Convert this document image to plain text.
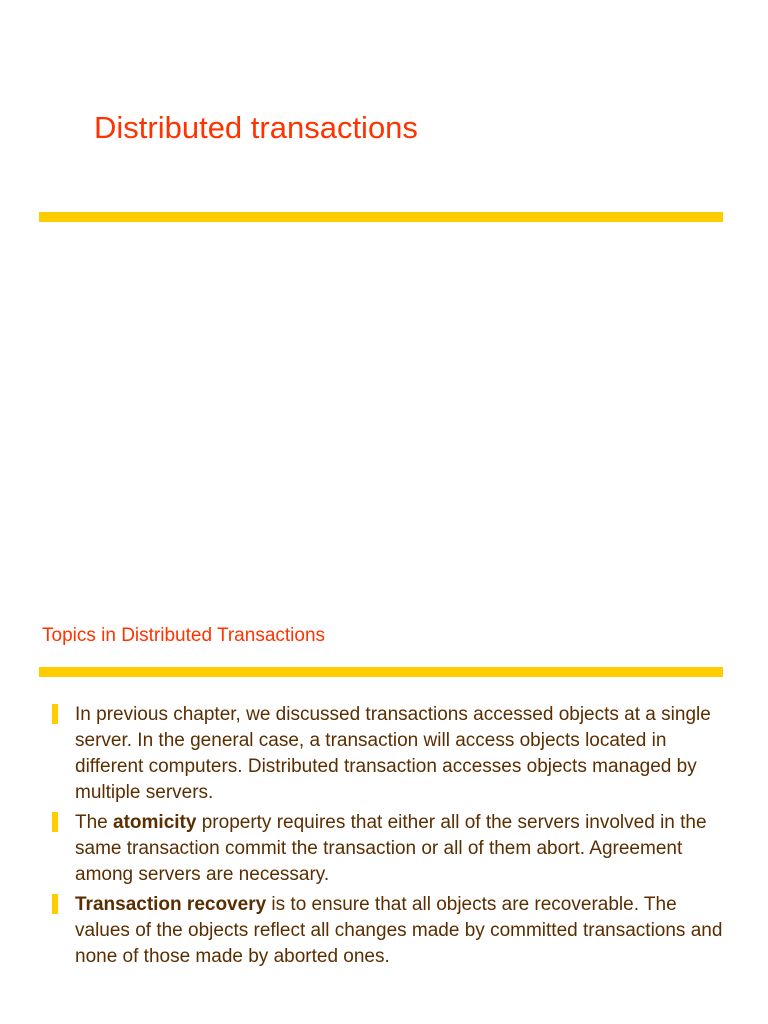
Distributed transactions
Topics in Distributed Transactions

In previous chapter, we discussed transactions accessed objects at a single server. In the general case, a transaction will access objects located in different computers. Distributed transaction accesses objects managed by multiple servers.

The atomicity property requires that either all of the servers involved in the same transaction commit the transaction or all of them abort. Agreement among servers are necessary.

Transaction recovery is to ensure that all objects are recoverable. The values of the objects reflect all changes made by committed transactions and none of those made by aborted ones.
